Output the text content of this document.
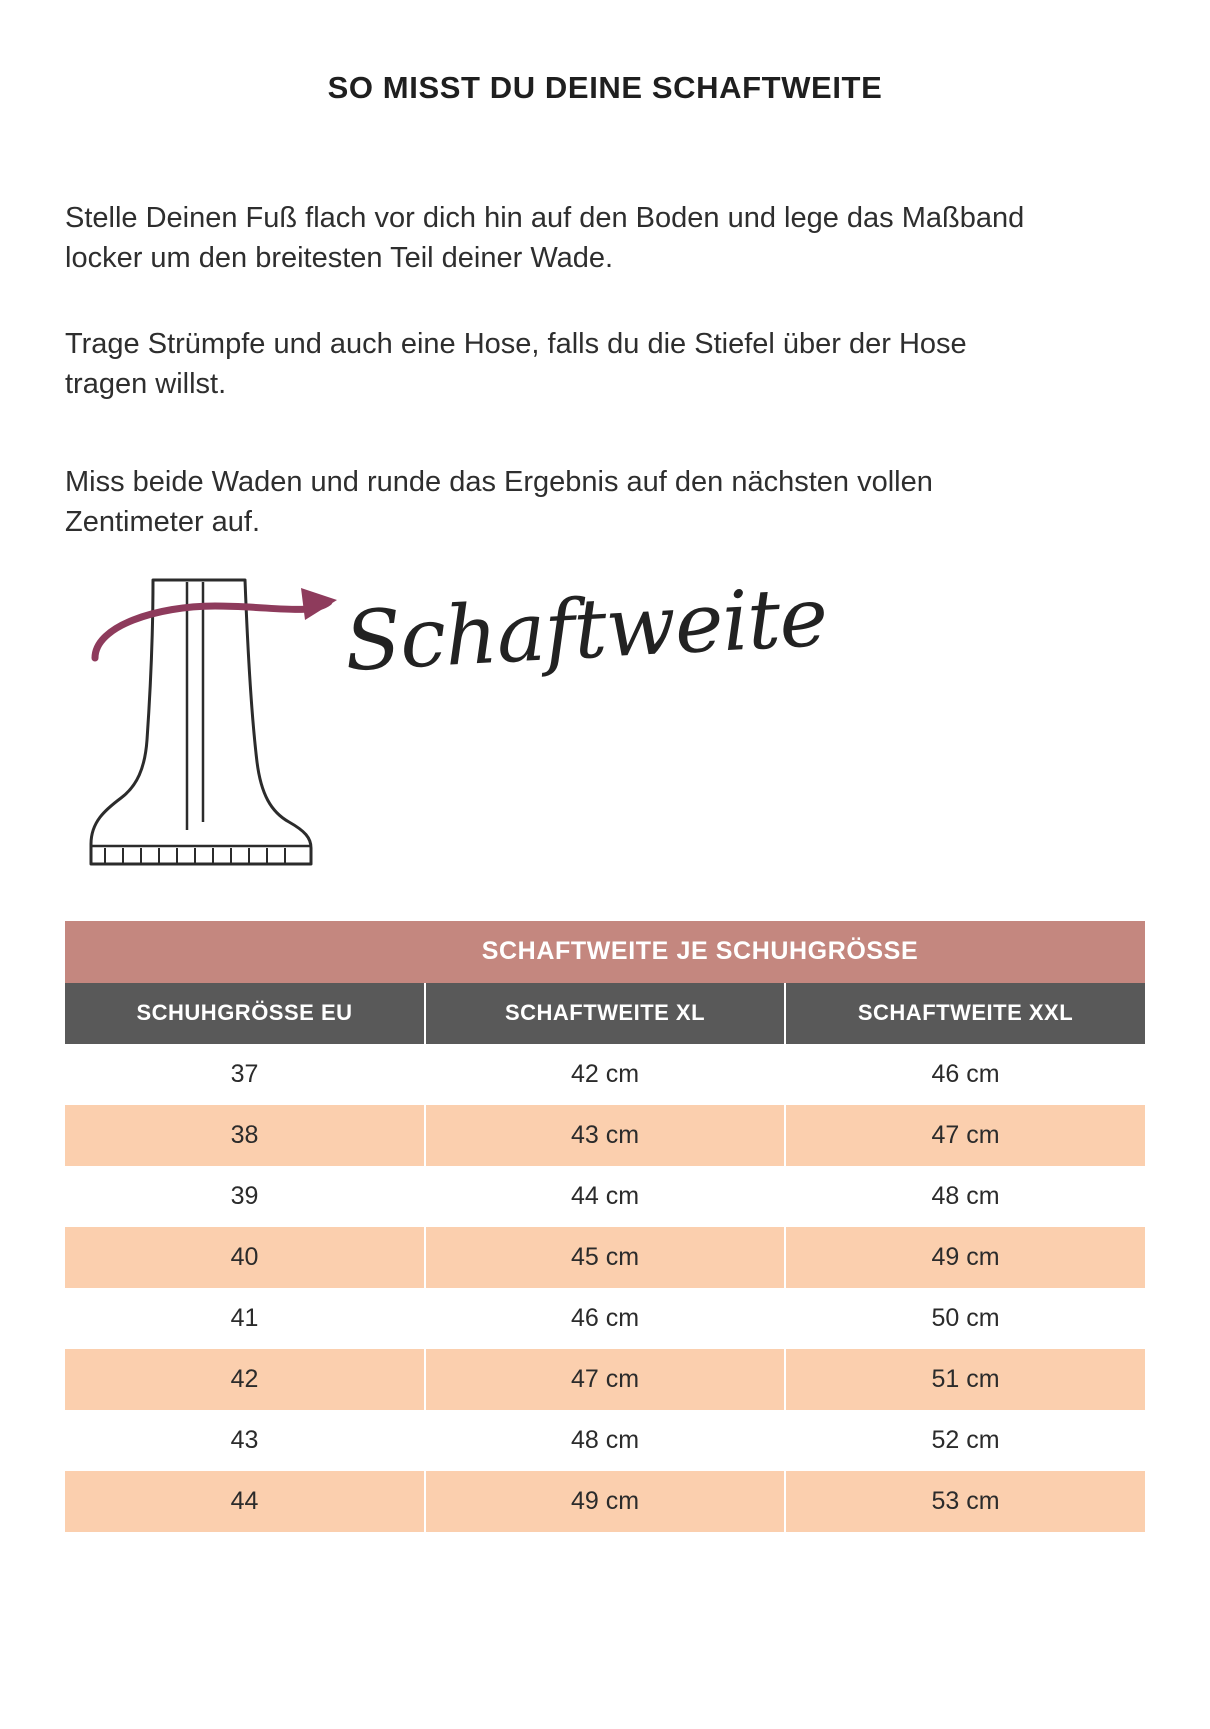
SO MISST DU DEINE SCHAFTWEITE

Stelle Deinen Fuß flach vor dich hin auf den Boden und lege das Maßband locker um den breitesten Teil deiner Wade.

Trage Strümpfe und auch eine Hose, falls du die Stiefel über der Hose tragen willst.

Miss beide Waden und runde das Ergebnis auf den nächsten vollen Zentimeter auf.

Schaftweite
SCHAFTWEITE JE SCHUHGRÖSSE
SCHUHGRÖSSE EU	SCHAFTWEITE XL	SCHAFTWEITE XXL
37	42 cm	46 cm
38	43 cm	47 cm
39	44 cm	48 cm
40	45 cm	49 cm
41	46 cm	50 cm
42	47 cm	51 cm
43	48 cm	52 cm
44	49 cm	53 cm
